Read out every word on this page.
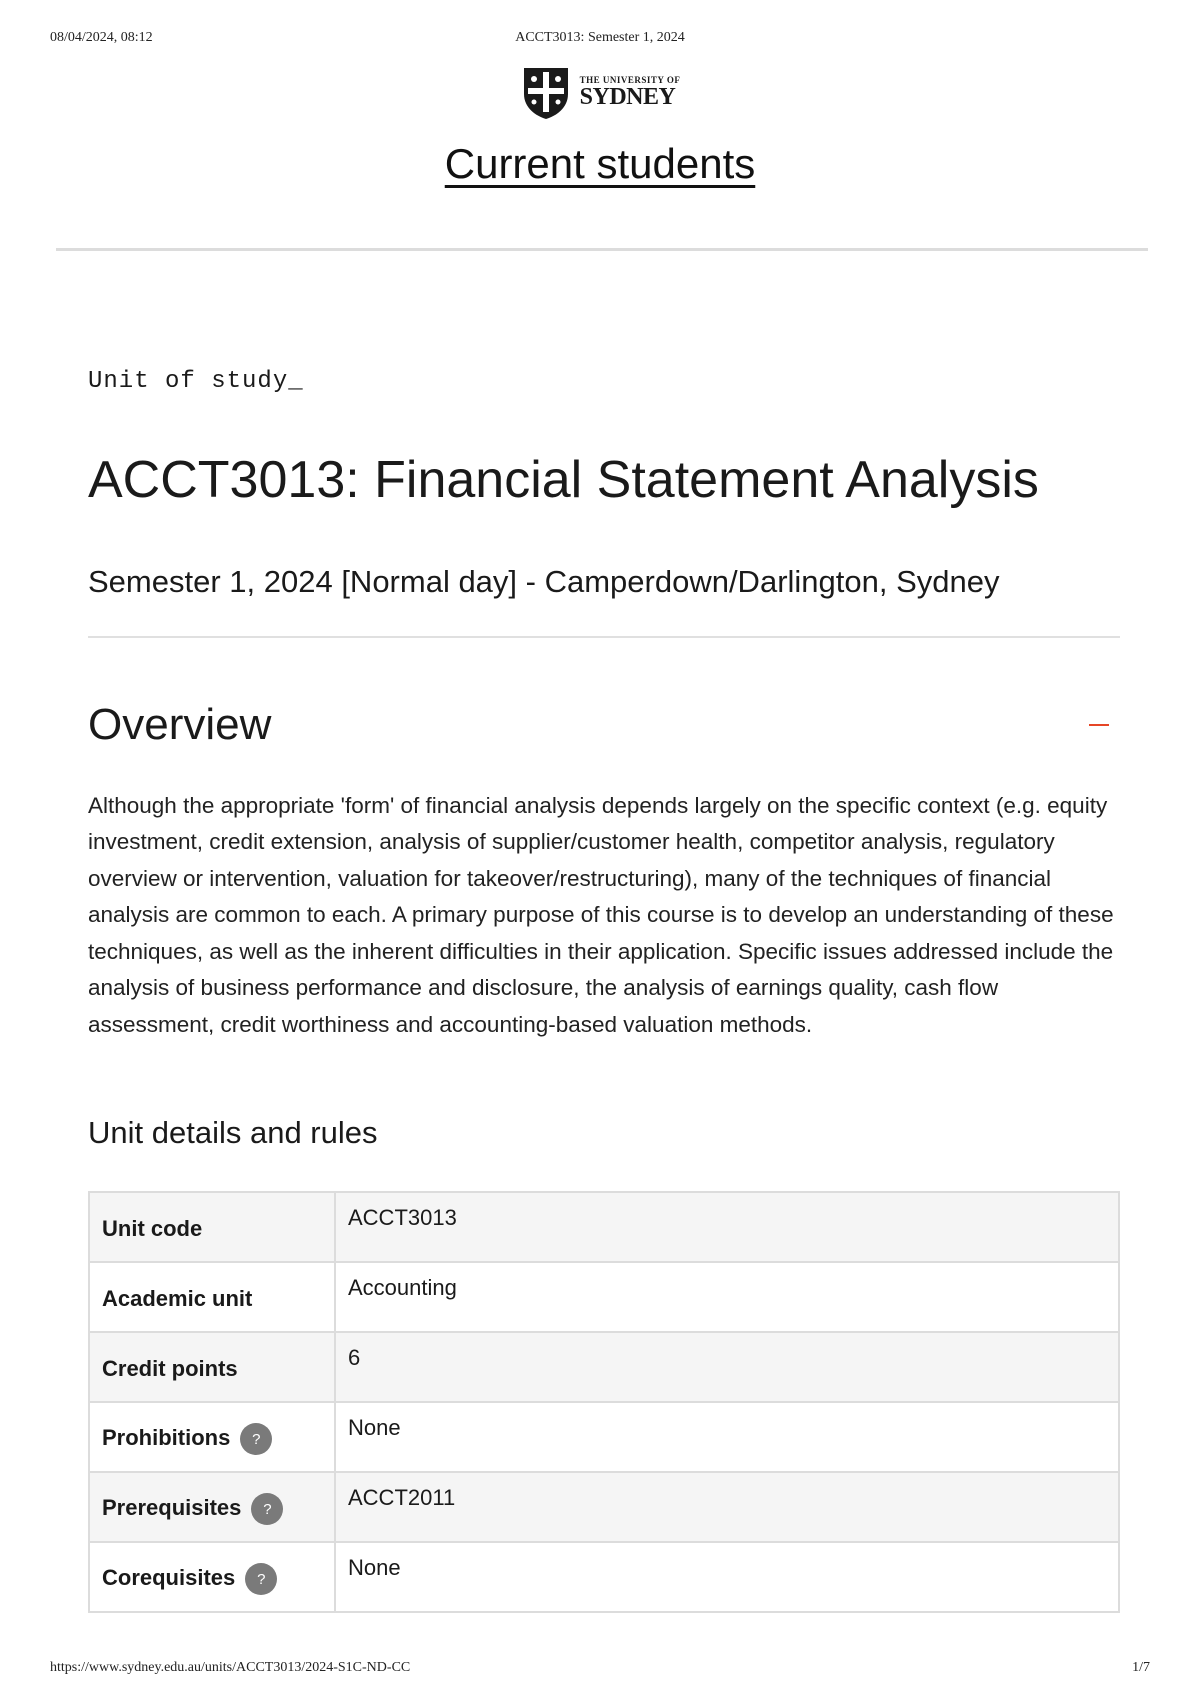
08/04/2024, 08:12	ACCT3013: Semester 1, 2024
THE UNIVERSITY OF
SYDNEY
Current students
Unit of study_
ACCT3013: Financial Statement Analysis
Semester 1, 2024 [Normal day] - Camperdown/Darlington, Sydney
Overview

Although the appropriate 'form' of financial analysis depends largely on the specific context (e.g. equity investment, credit extension, analysis of supplier/customer health, competitor analysis, regulatory overview or intervention, valuation for takeover/restructuring), many of the techniques of financial analysis are common to each. A primary purpose of this course is to develop an understanding of these techniques, as well as the inherent difficulties in their application. Specific issues addressed include the analysis of business performance and disclosure, the analysis of earnings quality, cash flow assessment, credit worthiness and accounting-based valuation methods.

Unit details and rules
Unit code	ACCT3013
Academic unit	Accounting
Credit points	6
Prohibitions ?	None
Prerequisites ?	ACCT2011
Corequisites ?	None
https://www.sydney.edu.au/units/ACCT3013/2024-S1C-ND-CC	1/7
